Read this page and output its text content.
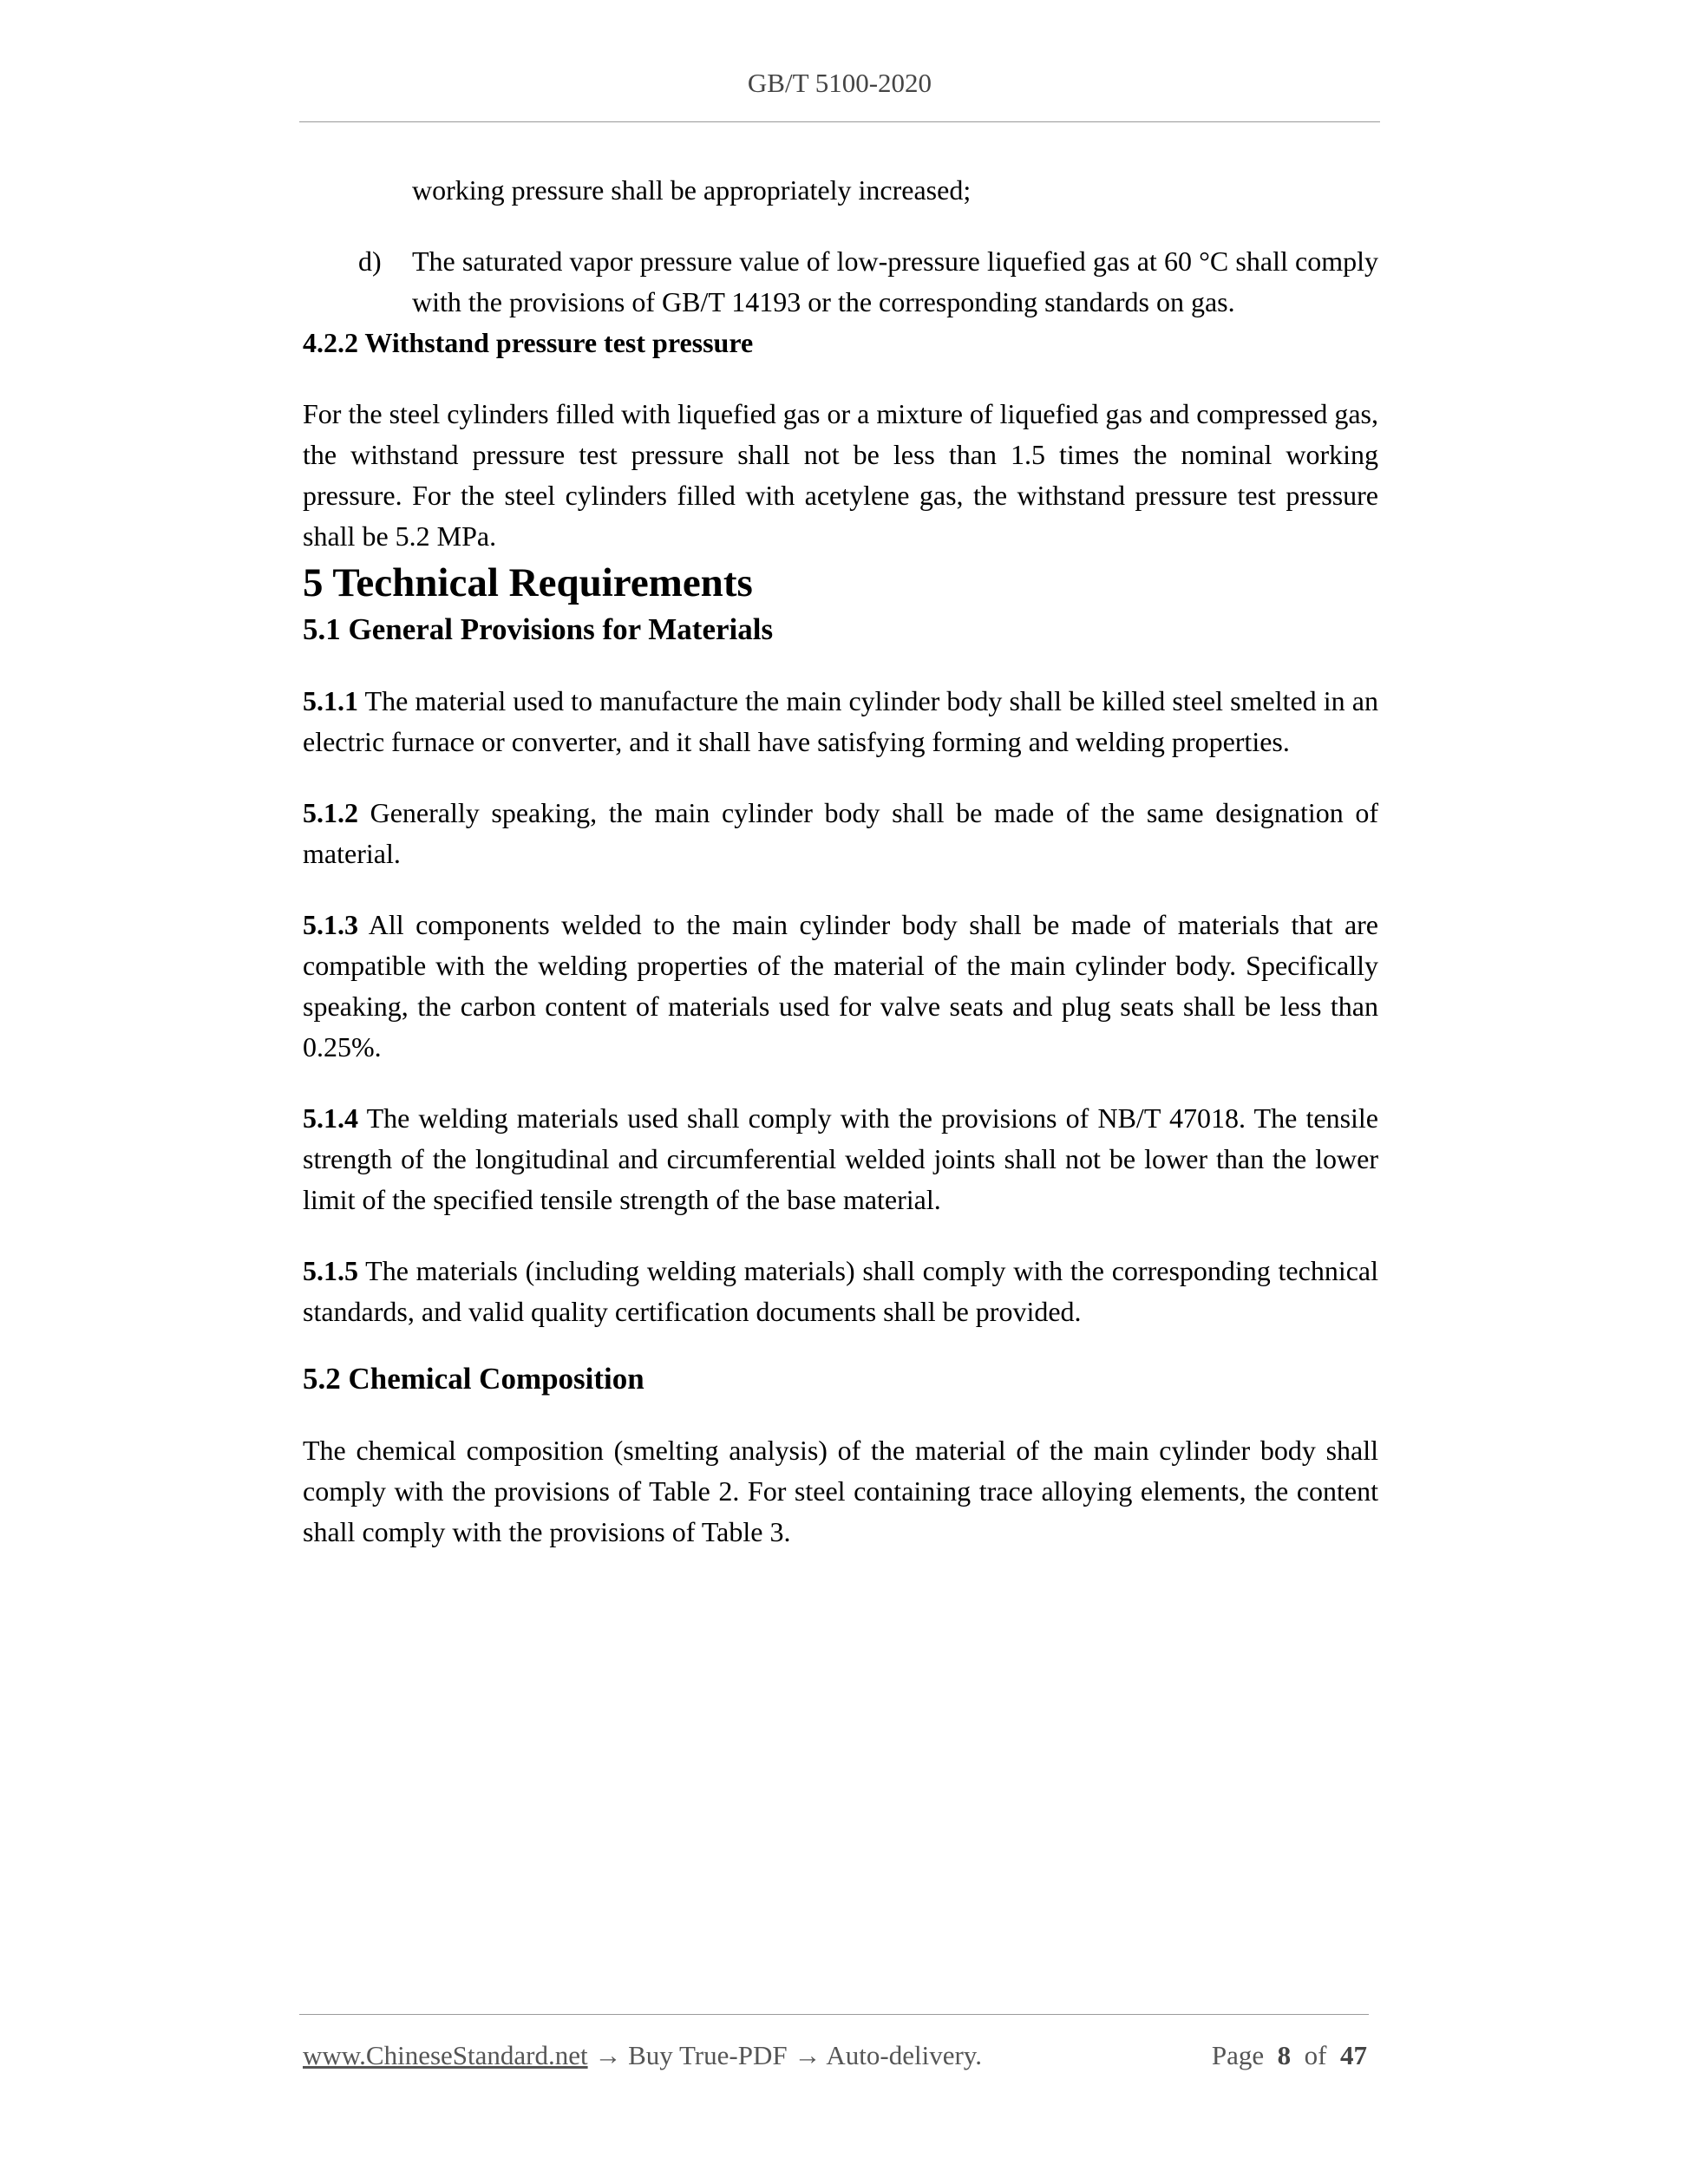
GB/T 5100-2020

working pressure shall be appropriately increased;

d)	The saturated vapor pressure value of low-pressure liquefied gas at 60 °C shall comply with the provisions of GB/T 14193 or the corresponding standards on gas.

4.2.2 Withstand pressure test pressure

For the steel cylinders filled with liquefied gas or a mixture of liquefied gas and compressed gas, the withstand pressure test pressure shall not be less than 1.5 times the nominal working pressure. For the steel cylinders filled with acetylene gas, the withstand pressure test pressure shall be 5.2 MPa.

5 Technical Requirements

5.1 General Provisions for Materials

5.1.1 The material used to manufacture the main cylinder body shall be killed steel smelted in an electric furnace or converter, and it shall have satisfying forming and welding properties.

5.1.2 Generally speaking, the main cylinder body shall be made of the same designation of material.

5.1.3 All components welded to the main cylinder body shall be made of materials that are compatible with the welding properties of the material of the main cylinder body. Specifically speaking, the carbon content of materials used for valve seats and plug seats shall be less than 0.25%.

5.1.4 The welding materials used shall comply with the provisions of NB/T 47018. The tensile strength of the longitudinal and circumferential welded joints shall not be lower than the lower limit of the specified tensile strength of the base material.

5.1.5 The materials (including welding materials) shall comply with the corresponding technical standards, and valid quality certification documents shall be provided.

5.2 Chemical Composition

The chemical composition (smelting analysis) of the material of the main cylinder body shall comply with the provisions of Table 2. For steel containing trace alloying elements, the content shall comply with the provisions of Table 3.

www.ChineseStandard.net → Buy True-PDF → Auto-delivery.	Page 8 of 47
